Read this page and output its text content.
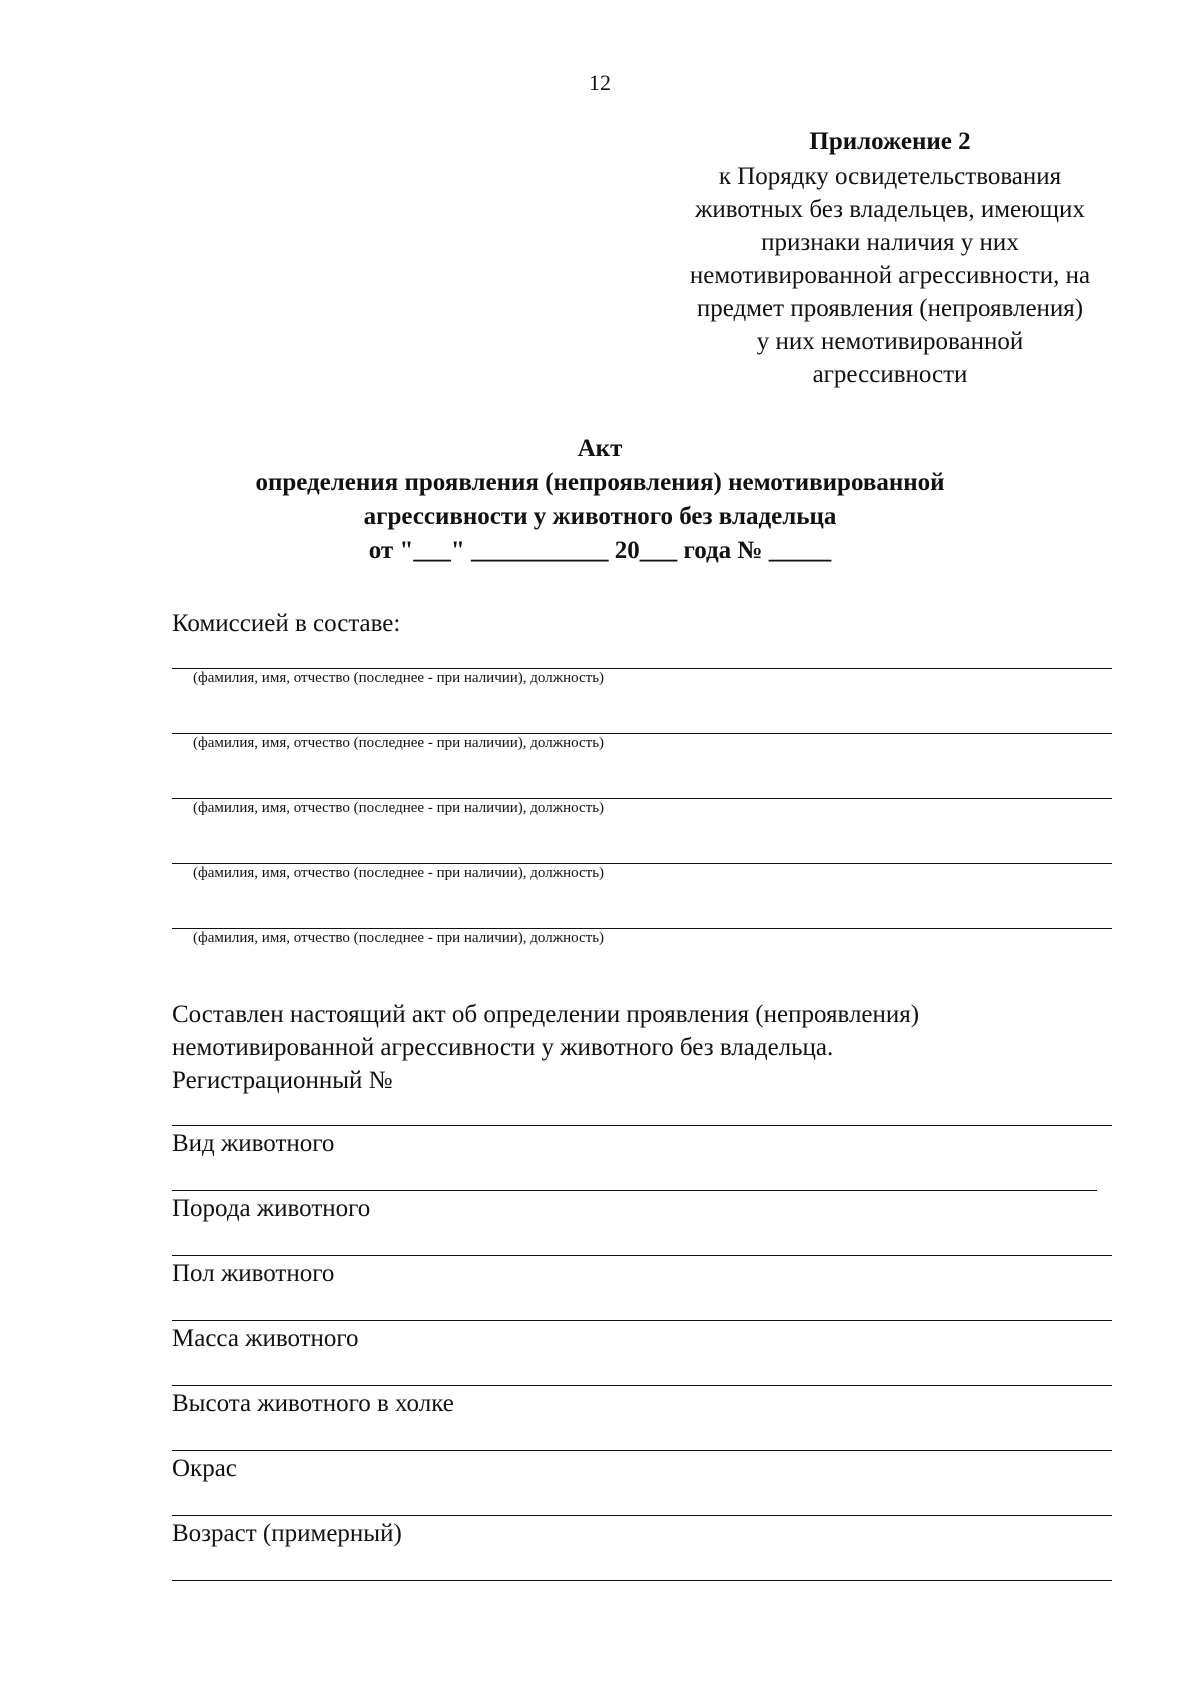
12
Приложение 2
к Порядку освидетельствования
животных без владельцев, имеющих
признаки наличия у них
немотивированной агрессивности, на
предмет проявления (непроявления)
у них немотивированной
агрессивности
Акт
определения проявления (непроявления) немотивированной
агрессивности у животного без владельца
от "___" ___________ 20___ года № _____
Комиссией в составе:
(фамилия, имя, отчество (последнее - при наличии), должность)
(фамилия, имя, отчество (последнее - при наличии), должность)
(фамилия, имя, отчество (последнее - при наличии), должность)
(фамилия, имя, отчество (последнее - при наличии), должность)
(фамилия, имя, отчество (последнее - при наличии), должность)
Составлен настоящий акт об определении проявления (непроявления)
немотивированной агрессивности у животного без владельца.
Регистрационный №
Вид животного
Порода животного
Пол животного
Масса животного
Высота животного в холке
Окрас
Возраст (примерный)
